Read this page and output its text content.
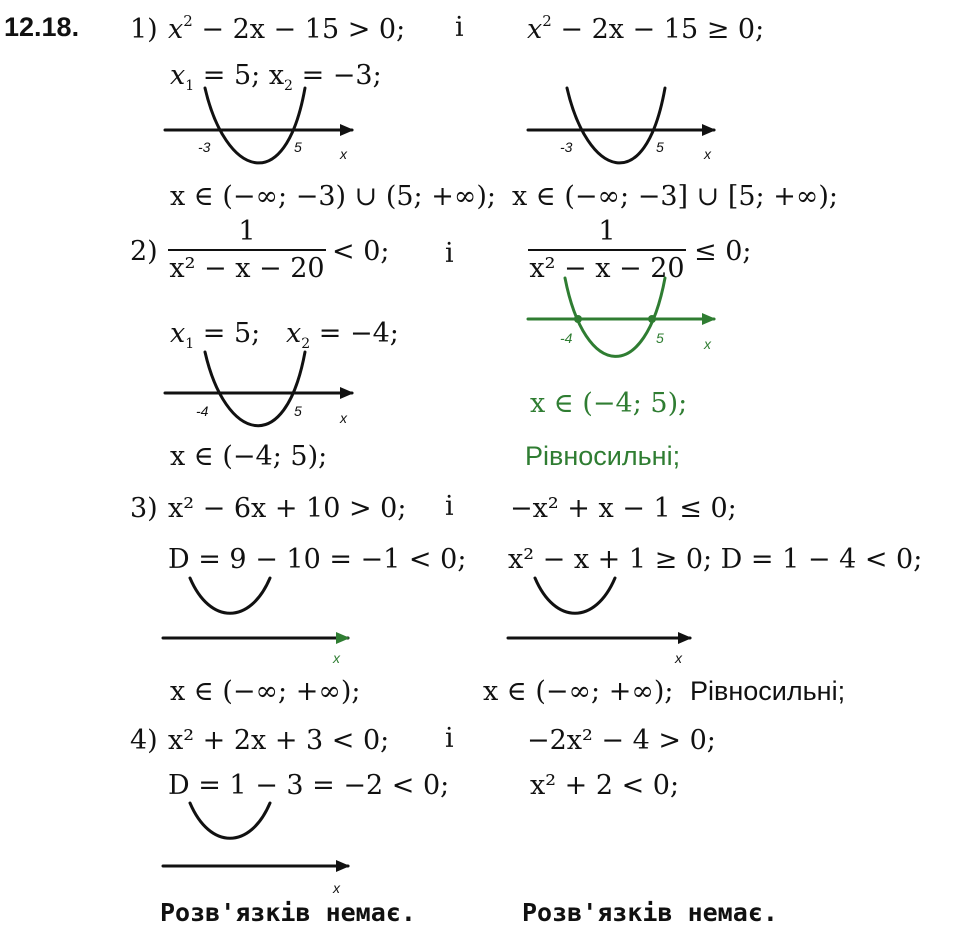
12.18. 1) $x^2 - 2x - 15 > 0$; і $x^2 - 2x - 15 \ge 0$;
$x_1 = 5$; $x_2 = -3$;
-3	5	x	-3	5	x
x ∈ (−∞; −3) ∪ (5; +∞); x ∈ (−∞; −3] ∪ [5; +∞);
2)
1
x² − x − 20
< 0; і
1
x² − x − 20
≤ 0;
$x_1 = 5$; $x_2 = -4$;
-4	5	x
-4	5	x
x ∈ (−4; 5);
x ∈ (−4; 5);	Рівносильні;
3) x² − 6x + 10 > 0; і −x² + x − 1 ≤ 0;
D = 9 − 10 = −1 < 0; x² − x + 1 ≥ 0; D = 1 − 4 < 0;
x	x
x ∈ (−∞; +∞);	x ∈ (−∞; +∞); Рівносильні;
4) x² + 2x + 3 < 0; і	−2x² − 4 > 0;
D = 1 − 3 = −2 < 0;	x² + 2 < 0;
x
Розв'язків немає.	Розв'язків немає.
